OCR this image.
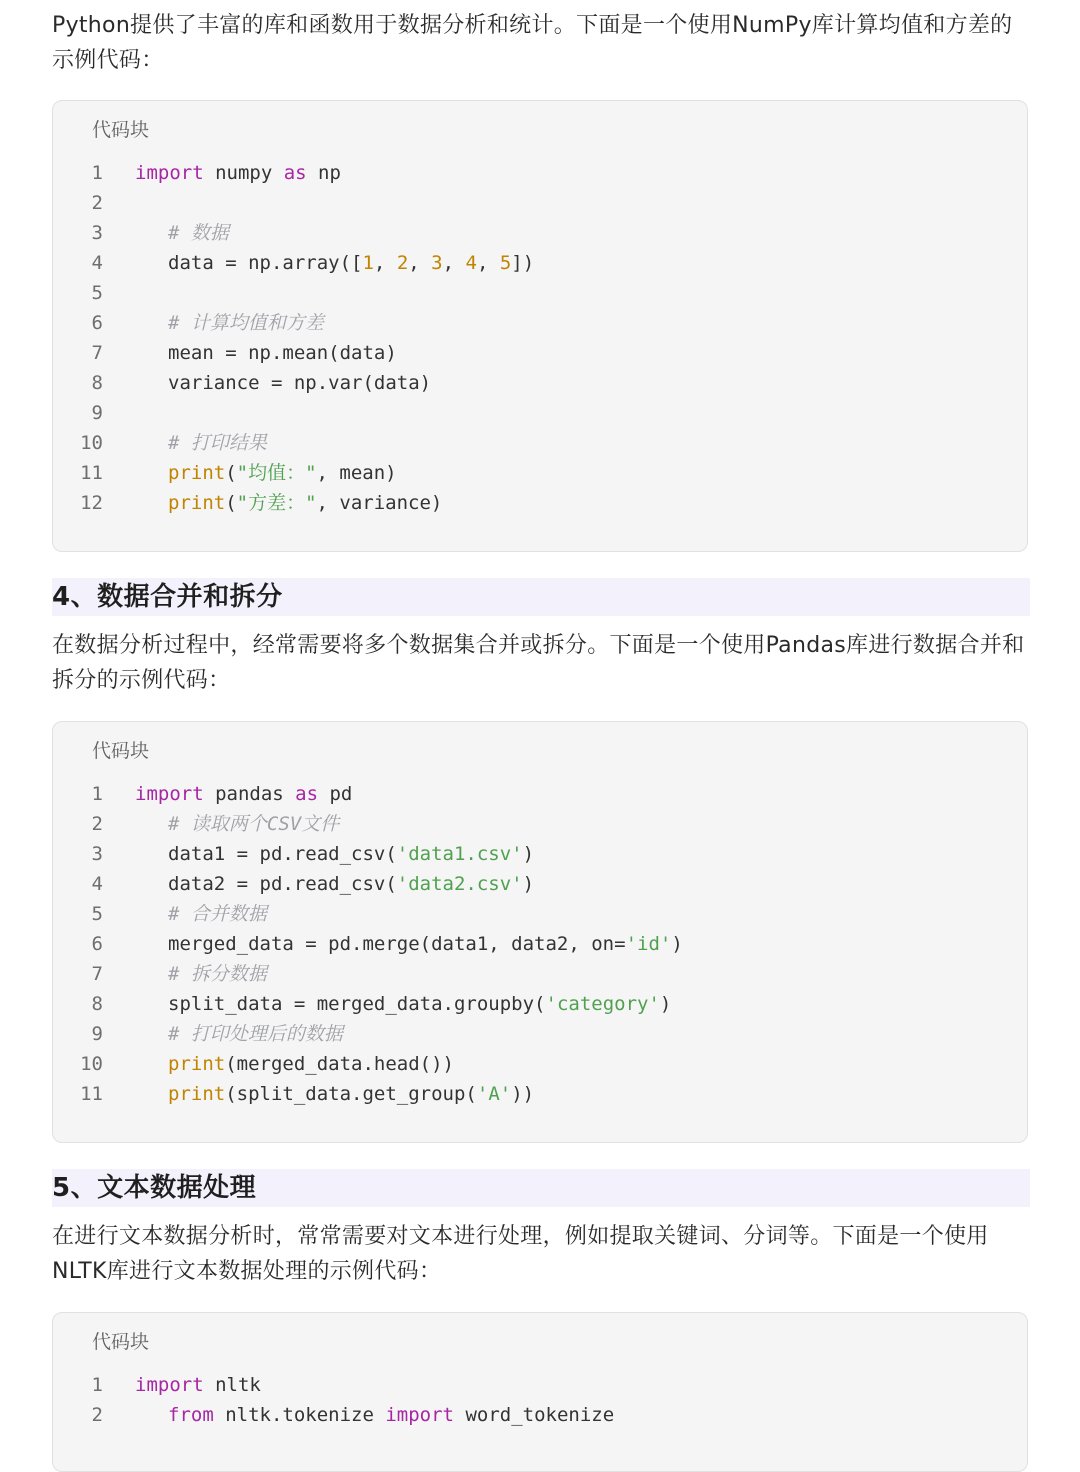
Python提供了丰富的库和函数用于数据分析和统计。下面是一个使用NumPy库计算均值和方差的示例代码：

代码块
1 import numpy as np
2
3	# 数据
4	data = np.array([1, 2, 3, 4, 5])
5
6	# 计算均值和方差
7	mean = np.mean(data)
8	variance = np.var(data)
9
10	# 打印结果
11	print("均值：", mean)
12	print("方差：", variance)
4、数据合并和拆分

在数据分析过程中，经常需要将多个数据集合并或拆分。下面是一个使用Pandas库进行数据合并和拆分的示例代码：

代码块
1 import pandas as pd
2	# 读取两个CSV文件
3	data1 = pd.read_csv('data1.csv')
4	data2 = pd.read_csv('data2.csv')
5	# 合并数据
6	merged_data = pd.merge(data1, data2, on='id')
7	# 拆分数据
8	split_data = merged_data.groupby('category')
9	# 打印处理后的数据
10	print(merged_data.head())
11	print(split_data.get_group('A'))
5、文本数据处理

在进行文本数据分析时，常常需要对文本进行处理，例如提取关键词、分词等。下面是一个使用NLTK库进行文本数据处理的示例代码：

代码块
1 import nltk
2	from nltk.tokenize import word_tokenize
